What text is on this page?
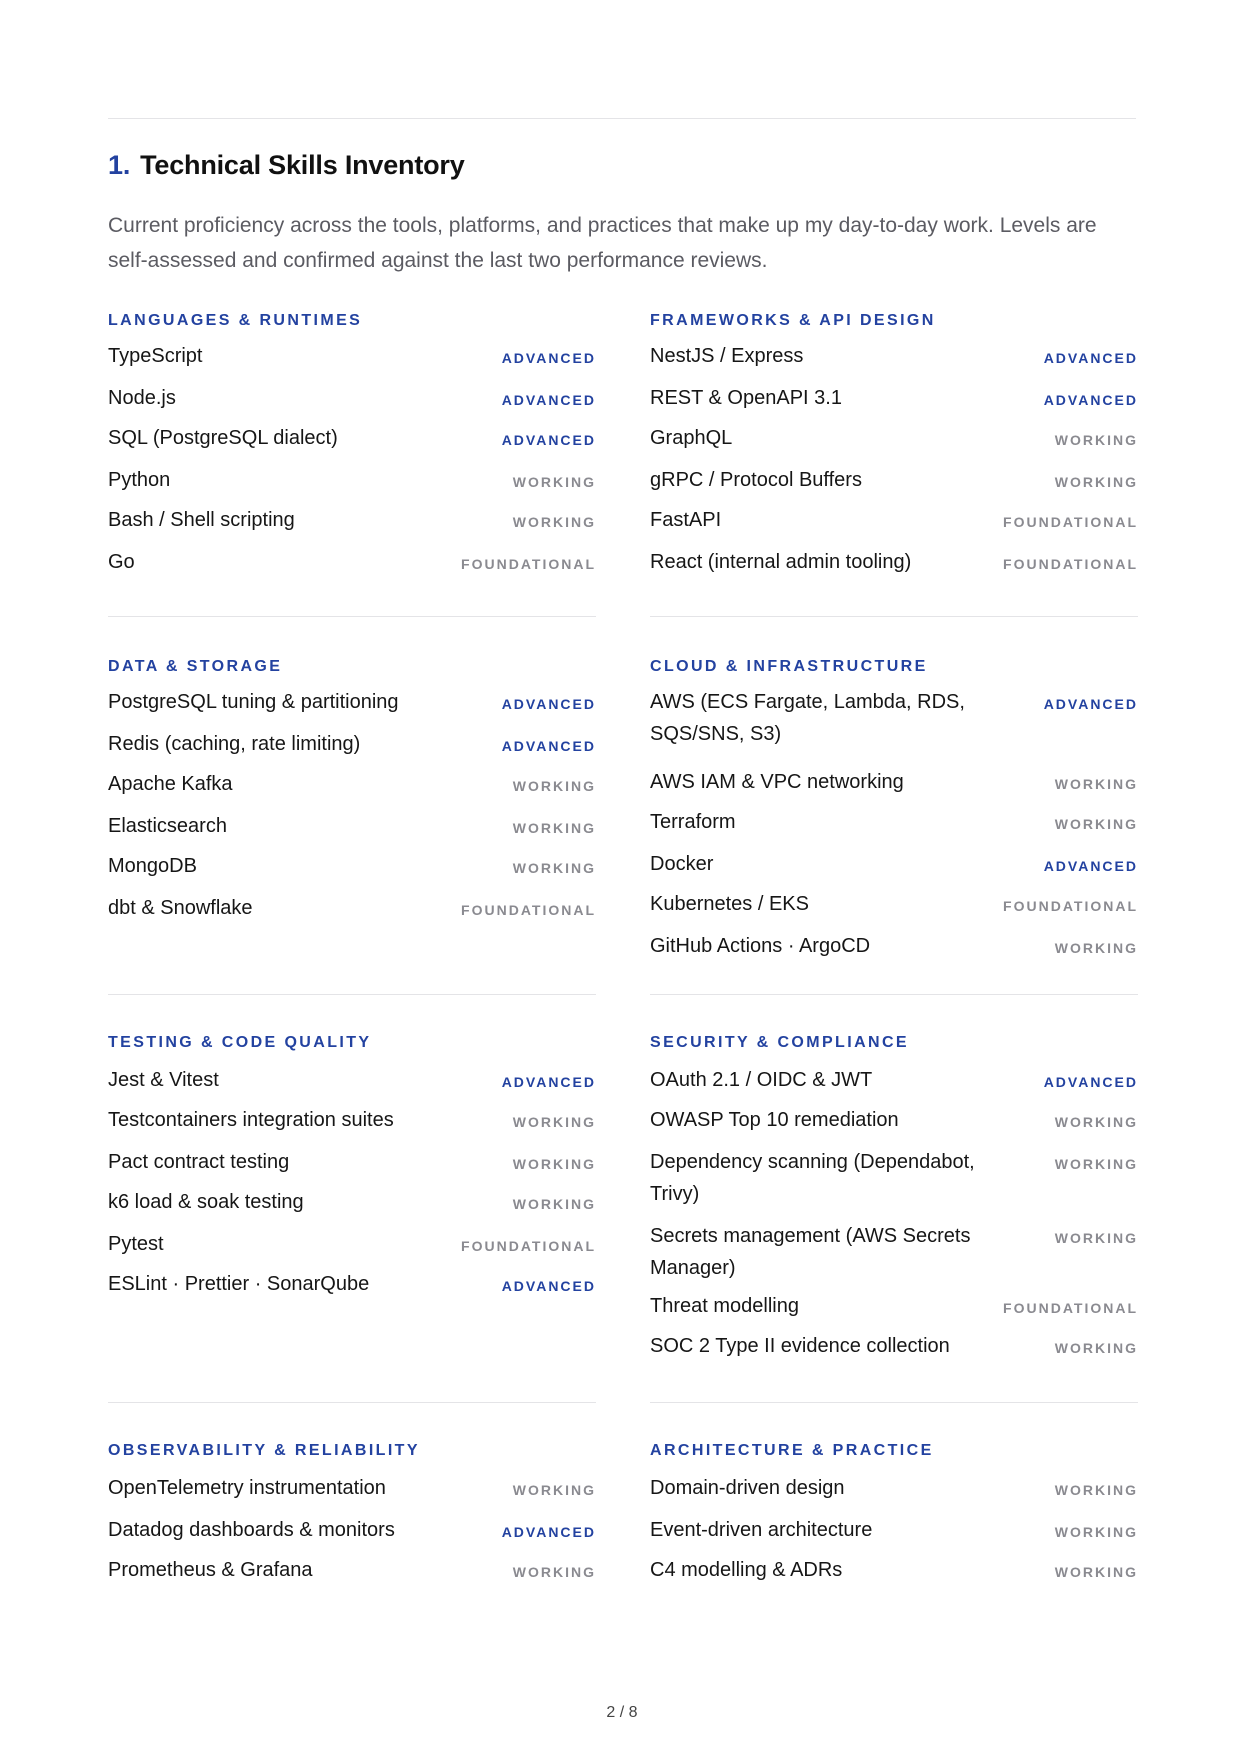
1. Technical Skills Inventory

Current proficiency across the tools, platforms, and practices that make up my day-to-day work. Levels are self-assessed and confirmed against the last two performance reviews.

LANGUAGES & RUNTIMES
TypeScript	ADVANCED
Node.js	ADVANCED
SQL (PostgreSQL dialect)	ADVANCED
Python	WORKING
Bash / Shell scripting	WORKING
Go	FOUNDATIONAL
FRAMEWORKS & API DESIGN
NestJS / Express	ADVANCED
REST & OpenAPI 3.1	ADVANCED
GraphQL	WORKING
gRPC / Protocol Buffers	WORKING
FastAPI	FOUNDATIONAL
React (internal admin tooling)	FOUNDATIONAL
DATA & STORAGE
PostgreSQL tuning & partitioning	ADVANCED
Redis (caching, rate limiting)	ADVANCED
Apache Kafka	WORKING
Elasticsearch	WORKING
MongoDB	WORKING
dbt & Snowflake	FOUNDATIONAL
CLOUD & INFRASTRUCTURE
AWS (ECS Fargate, Lambda, RDS, SQS/SNS, S3)
ADVANCED
AWS IAM & VPC networking	WORKING
Terraform	WORKING
Docker	ADVANCED
Kubernetes / EKS	FOUNDATIONAL
GitHub Actions · ArgoCD	WORKING
TESTING & CODE QUALITY
Jest & Vitest	ADVANCED
Testcontainers integration suites	WORKING
Pact contract testing	WORKING
k6 load & soak testing	WORKING
Pytest	FOUNDATIONAL
ESLint · Prettier · SonarQube	ADVANCED
SECURITY & COMPLIANCE
OAuth 2.1 / OIDC & JWT	ADVANCED
OWASP Top 10 remediation	WORKING
Dependency scanning (Dependabot, Trivy)
WORKING
Secrets management (AWS Secrets Manager)
WORKING
Threat modelling	FOUNDATIONAL
SOC 2 Type II evidence collection	WORKING
OBSERVABILITY & RELIABILITY
OpenTelemetry instrumentation	WORKING
Datadog dashboards & monitors	ADVANCED
Prometheus & Grafana	WORKING
ARCHITECTURE & PRACTICE
Domain-driven design	WORKING
Event-driven architecture	WORKING
C4 modelling & ADRs	WORKING
2 / 8
